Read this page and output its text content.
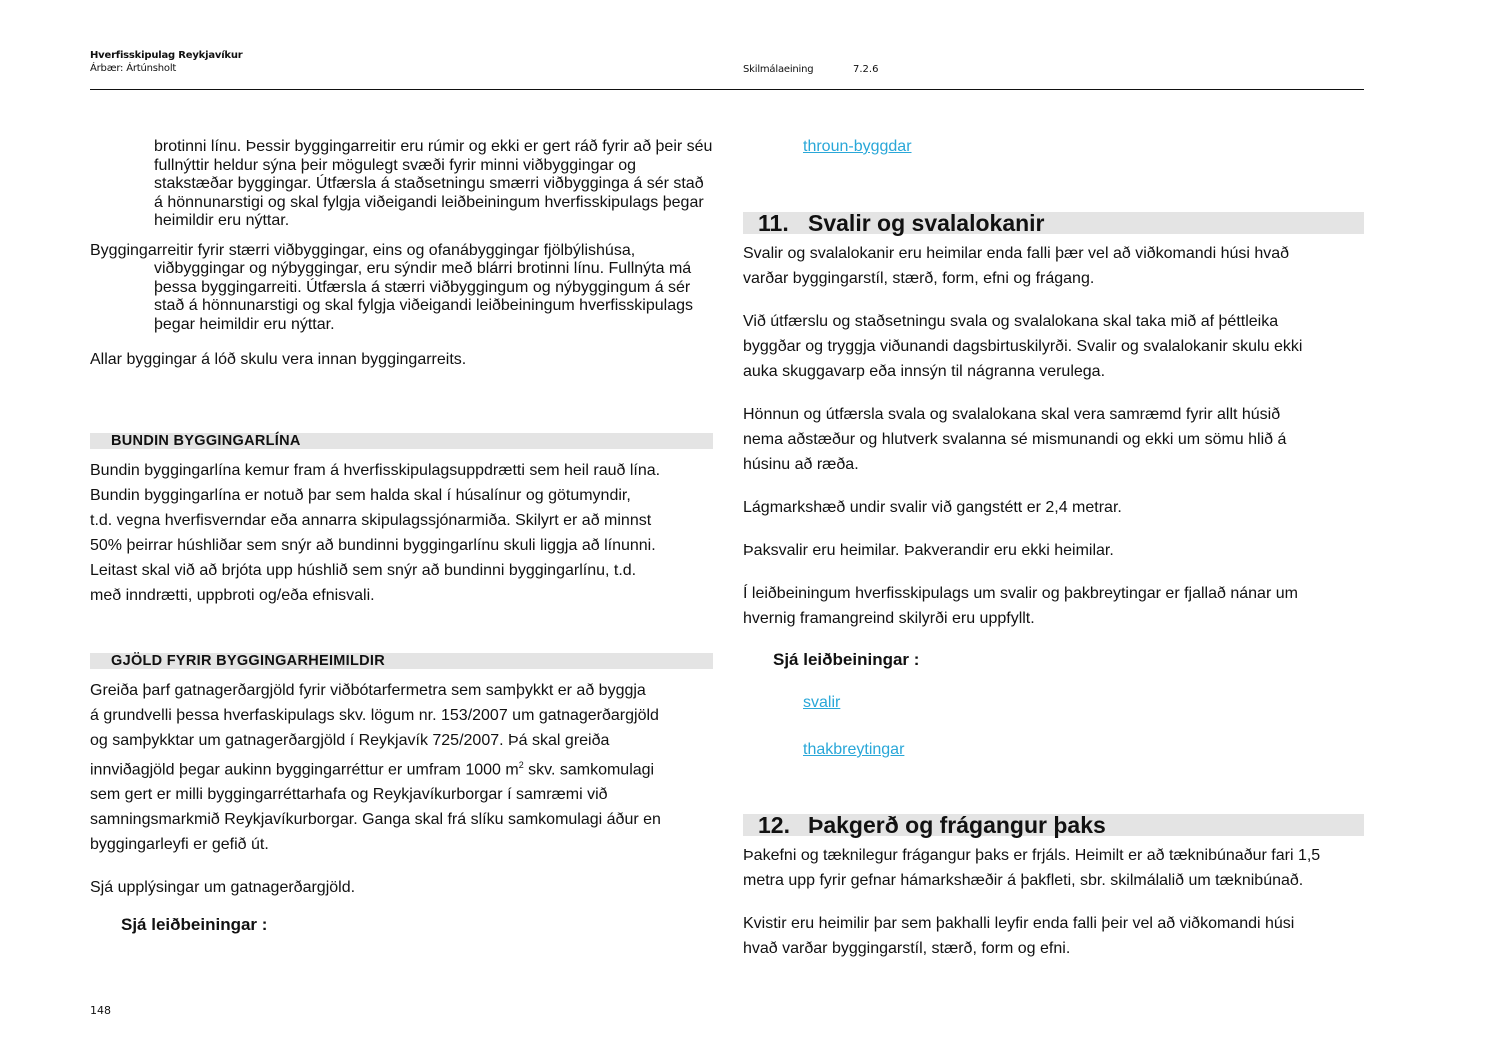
Hverfisskipulag Reykjavíkur
Árbær: Ártúnsholt	Skilmálaeining	7.2.6

brotinni línu. Þessir byggingarreitir eru rúmir og ekki er gert ráð fyrir að þeir séu fullnýttir heldur sýna þeir mögulegt svæði fyrir minni viðbyggingar og stakstæðar byggingar. Útfærsla á staðsetningu smærri viðbygginga á sér stað á hönnunarstigi og skal fylgja viðeigandi leiðbeiningum hverfisskipulags þegar heimildir eru nýttar.

Byggingarreitir fyrir stærri viðbyggingar, eins og ofanábyggingar fjölbýlishúsa, viðbyggingar og nýbyggingar, eru sýndir með blárri brotinni línu. Fullnýta má þessa byggingarreiti. Útfærsla á stærri viðbyggingum og nýbyggingum á sér stað á hönnunarstigi og skal fylgja viðeigandi leiðbeiningum hverfisskipulags þegar heimildir eru nýttar.

Allar byggingar á lóð skulu vera innan byggingarreits.

BUNDIN BYGGINGARLÍNA
Bundin byggingarlína kemur fram á hverfisskipulagsuppdrætti sem heil rauð lína.
Bundin byggingarlína er notuð þar sem halda skal í húsalínur og götumyndir,
t.d. vegna hverfisverndar eða annarra skipulagssjónarmiða. Skilyrt er að minnst
50% þeirrar húshliðar sem snýr að bundinni byggingarlínu skuli liggja að línunni.
Leitast skal við að brjóta upp húshlið sem snýr að bundinni byggingarlínu, t.d.
með inndrætti, uppbroti og/eða efnisvali.
GJÖLD FYRIR BYGGINGARHEIMILDIR
Greiða þarf gatnagerðargjöld fyrir viðbótarfermetra sem samþykkt er að byggja
á grundvelli þessa hverfaskipulags skv. lögum nr. 153/2007 um gatnagerðargjöld
og samþykktar um gatnagerðargjöld í Reykjavík 725/2007. Þá skal greiða
innviðagjöld þegar aukinn byggingarréttur er umfram 1000 $m^2$ skv. samkomulagi
sem gert er milli byggingarréttarhafa og Reykjavíkurborgar í samræmi við
samningsmarkmið Reykjavíkurborgar. Ganga skal frá slíku samkomulagi áður en
byggingarleyfi er gefið út.
Sjá upplýsingar um gatnagerðargjöld.
Sjá leiðbeiningar :
throun-byggdar
11. Svalir og svalalokanir
Svalir og svalalokanir eru heimilar enda falli þær vel að viðkomandi húsi hvað
varðar byggingarstíl, stærð, form, efni og frágang.
Við útfærslu og staðsetningu svala og svalalokana skal taka mið af þéttleika
byggðar og tryggja viðunandi dagsbirtuskilyrði. Svalir og svalalokanir skulu ekki
auka skuggavarp eða innsýn til nágranna verulega.
Hönnun og útfærsla svala og svalalokana skal vera samræmd fyrir allt húsið
nema aðstæður og hlutverk svalanna sé mismunandi og ekki um sömu hlið á
húsinu að ræða.
Lágmarkshæð undir svalir við gangstétt er 2,4 metrar.
Þaksvalir eru heimilar. Þakverandir eru ekki heimilar.
Í leiðbeiningum hverfisskipulags um svalir og þakbreytingar er fjallað nánar um
hvernig framangreind skilyrði eru uppfyllt.
Sjá leiðbeiningar :
svalir
thakbreytingar
12. Þakgerð og frágangur þaks
Þakefni og tæknilegur frágangur þaks er frjáls. Heimilt er að tæknibúnaður fari 1,5
metra upp fyrir gefnar hámarkshæðir á þakfleti, sbr. skilmálalið um tæknibúnað.
Kvistir eru heimilir þar sem þakhalli leyfir enda falli þeir vel að viðkomandi húsi
hvað varðar byggingarstíl, stærð, form og efni.
148
